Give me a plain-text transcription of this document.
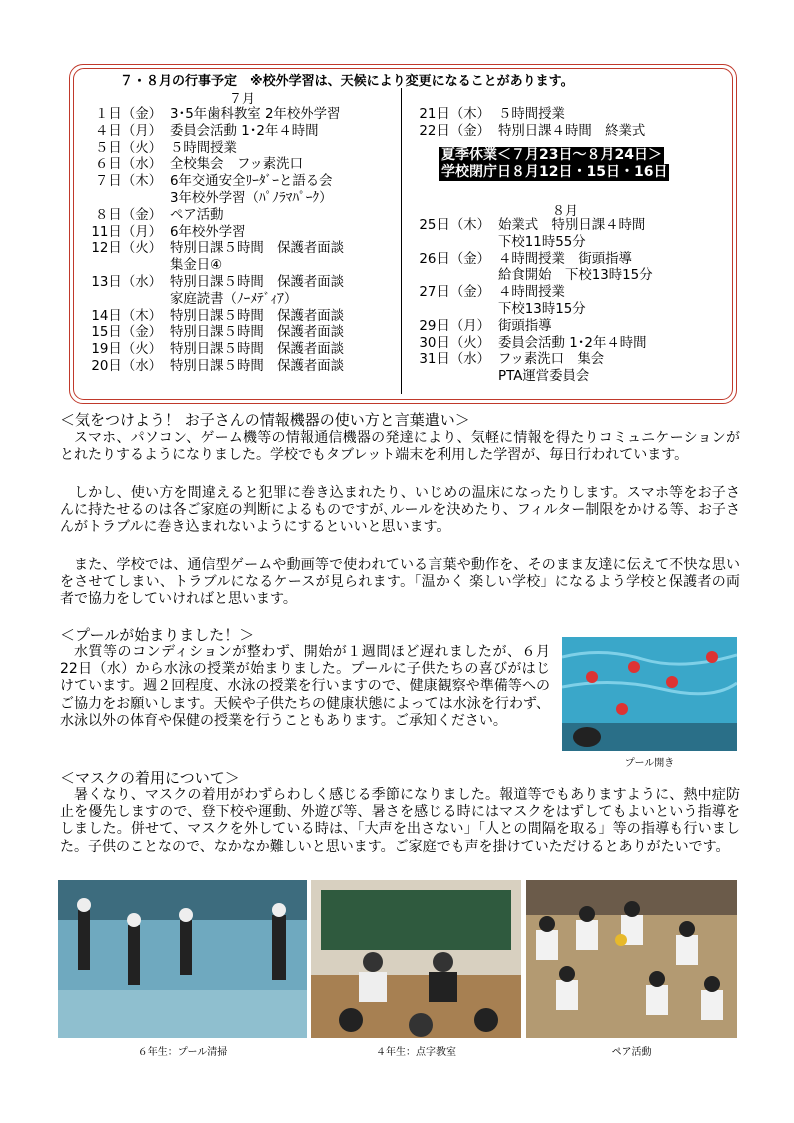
７・８月の行事予定　※校外学習は、天候により変更になることがあります。
７月
１日（金） 3･5年歯科教室 2年校外学習
４日（月） 委員会活動 1･2年４時間
５日（火） ５時間授業
６日（水） 全校集会　フッ素洗口
７日（木） 6年交通安全ﾘｰﾀﾞｰと語る会
3年校外学習（ﾊﾟﾉﾗﾏﾊﾟｰｸ）
８日（金） ペア活動
11日（月） 6年校外学習
12日（火） 特別日課５時間　保護者面談
集金日④
13日（水） 特別日課５時間　保護者面談
家庭読書（ﾉｰﾒﾃﾞｨｱ）
14日（木） 特別日課５時間　保護者面談
15日（金） 特別日課５時間　保護者面談
19日（火） 特別日課５時間　保護者面談
20日（水） 特別日課５時間　保護者面談
21日（木） ５時間授業
22日（金） 特別日課４時間　終業式
夏季休業＜７月23日～８月24日＞
学校閉庁日８月12日・15日・16日
８月
25日（木） 始業式　特別日課４時間
下校11時55分
26日（金） ４時間授業　街頭指導
給食開始　下校13時15分
27日（金） ４時間授業
下校13時15分
29日（月） 街頭指導
30日（火） 委員会活動 1･2年４時間
31日（水） フッ素洗口　集会
PTA運営委員会
＜気をつけよう！ お子さんの情報機器の使い方と言葉遣い＞

スマホ、パソコン、ゲーム機等の情報通信機器の発達により、気軽に情報を得たりコミュニケーションがとれたりするようになりました。学校でもタブレット端末を利用した学習が、毎日行われています。

しかし、使い方を間違えると犯罪に巻き込まれたり、いじめの温床になったりします。スマホ等をお子さんに持たせるのは各ご家庭の判断によるものですが､ルールを決めたり、フィルター制限をかける等、お子さんがトラブルに巻き込まれないようにするといいと思います。

また、学校では、通信型ゲームや動画等で使われている言葉や動作を、そのまま友達に伝えて不快な思いをさせてしまい、トラブルになるケースが見られます。「温かく 楽しい学校」になるよう学校と保護者の両者で協力をしていければと思います。

＜プールが始まりました！＞

水質等のコンディションが整わず、開始が１週間ほど遅れましたが、６月22日（水）から水泳の授業が始まりました。プールに子供たちの喜びがはじけています。週２回程度、水泳の授業を行いますので、健康観察や準備等へのご協力をお願いします。天候や子供たちの健康状態によっては水泳を行わず、水泳以外の体育や保健の授業を行うこともあります。ご承知ください。

プール開き
＜マスクの着用について＞

暑くなり、マスクの着用がわずらわしく感じる季節になりました。報道等でもありますように、熱中症防止を優先しますので、登下校や運動、外遊び等、暑さを感じる時にはマスクをはずしてもよいという指導をしました。併せて、マスクを外している時は、「大声を出さない」「人との間隔を取る」等の指導も行いました。子供のことなので、なかなか難しいと思います。ご家庭でも声を掛けていただけるとありがたいです。

６年生：プール清掃	４年生：点字教室	ペア活動
